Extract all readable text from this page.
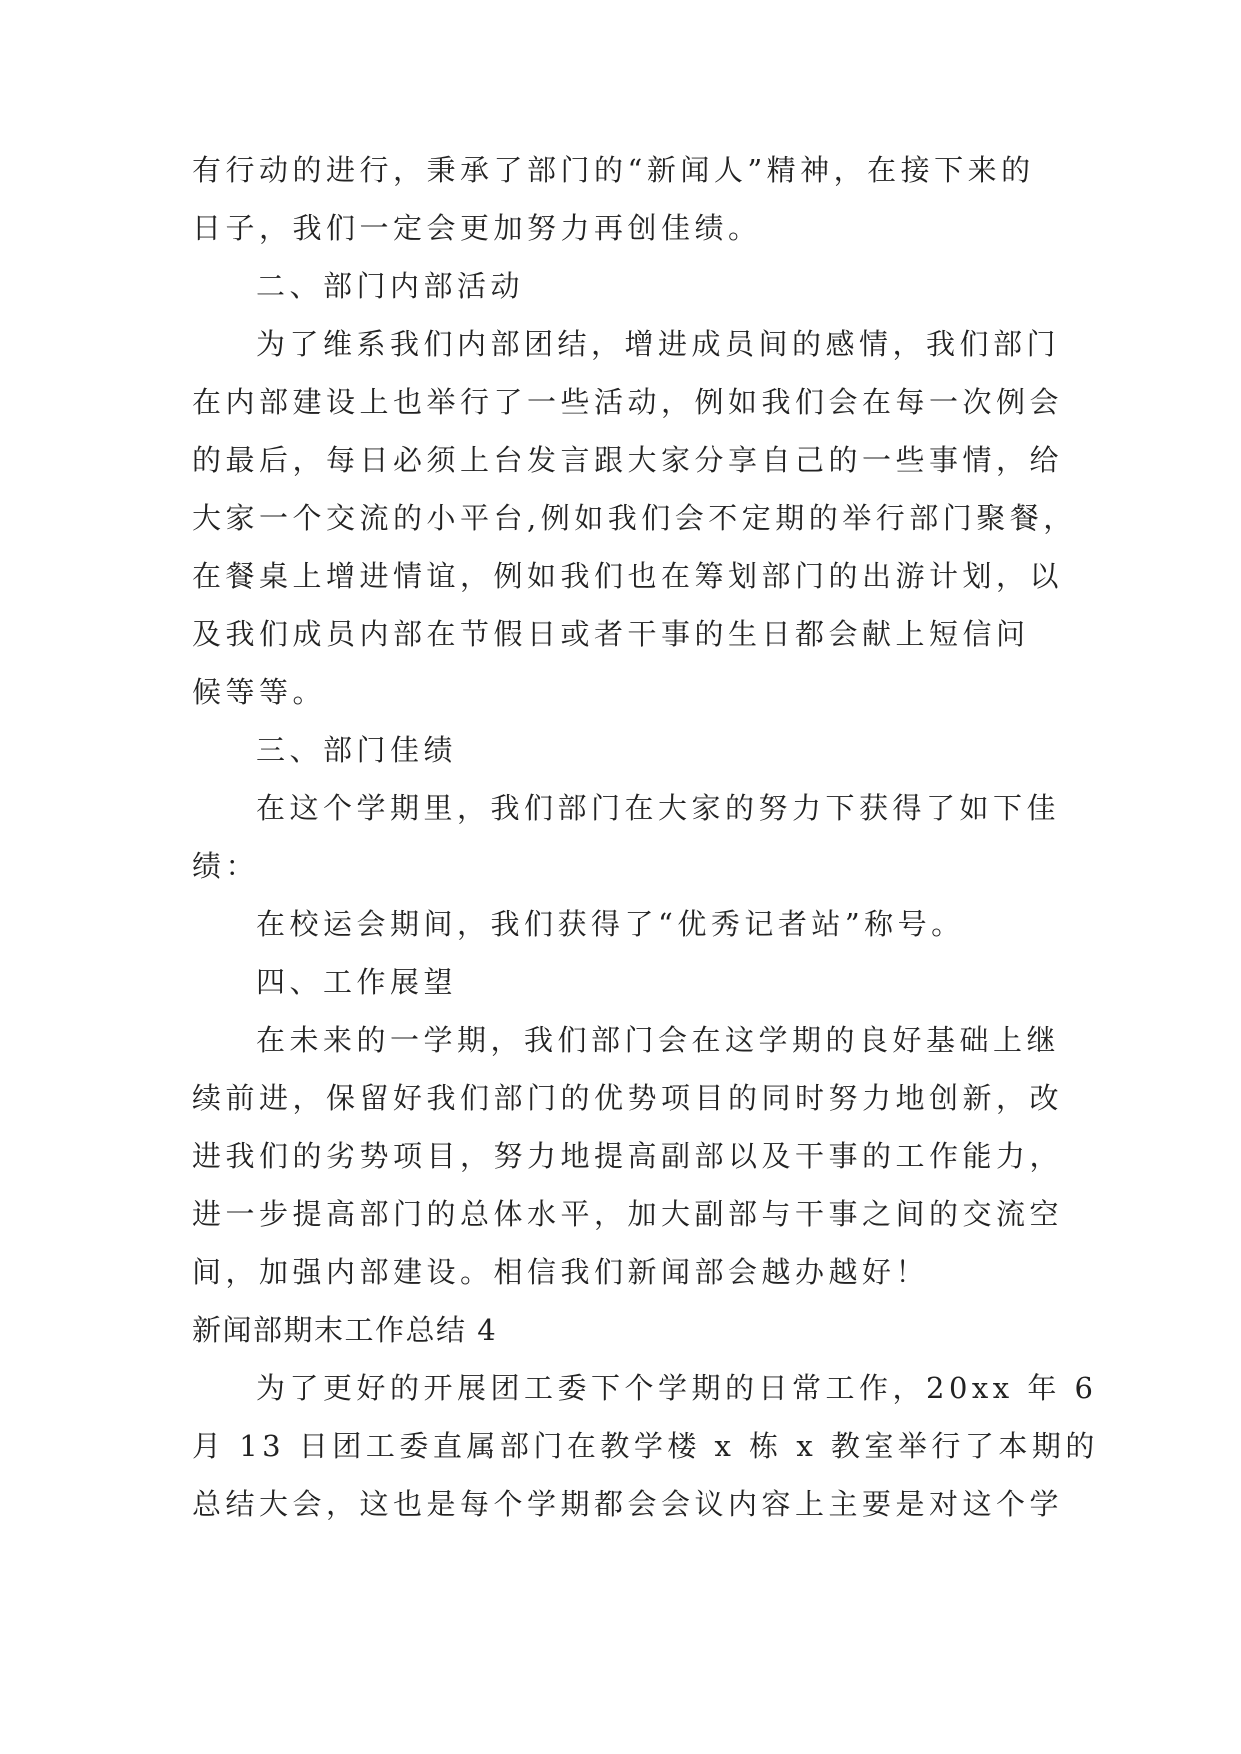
有行动的进行，秉承了部门的“新闻人”精神，在接下来的
日子，我们一定会更加努力再创佳绩。
二、部门内部活动
为了维系我们内部团结，增进成员间的感情，我们部门
在内部建设上也举行了一些活动，例如我们会在每一次例会
的最后，每日必须上台发言跟大家分享自己的一些事情，给
大家一个交流的小平台,例如我们会不定期的举行部门聚餐，
在餐桌上增进情谊，例如我们也在筹划部门的出游计划，以
及我们成员内部在节假日或者干事的生日都会献上短信问
候等等。
三、部门佳绩
在这个学期里，我们部门在大家的努力下获得了如下佳
绩：
在校运会期间，我们获得了“优秀记者站”称号。
四、工作展望
在未来的一学期，我们部门会在这学期的良好基础上继
续前进，保留好我们部门的优势项目的同时努力地创新，改
进我们的劣势项目，努力地提高副部以及干事的工作能力，
进一步提高部门的总体水平，加大副部与干事之间的交流空
间，加强内部建设。相信我们新闻部会越办越好！
新闻部期末工作总结 4
为了更好的开展团工委下个学期的日常工作，20xx 年 6
月 13 日团工委直属部门在教学楼 x 栋 x 教室举行了本期的
总结大会，这也是每个学期都会会议内容上主要是对这个学
